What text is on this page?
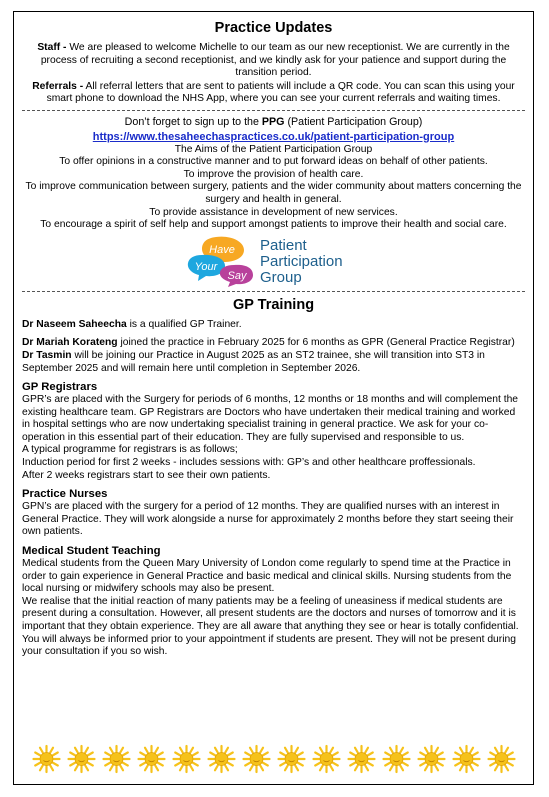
Practice Updates

Staff - We are pleased to welcome Michelle to our team as our new receptionist. We are currently in the process of recruiting a second receptionist, and we kindly ask for your patience and support during the transition period.

Referrals - All referral letters that are sent to patients will include a QR code. You can scan this using your smart phone to download the NHS App, where you can see your current referrals and waiting times.

Don’t forget to sign up to the PPG (Patient Participation Group)

https://www.thesaheechaspractices.co.uk/patient-participation-group

The Aims of the Patient Participation Group

To offer opinions in a constructive manner and to put forward ideas on behalf of other patients.

To improve the provision of health care.

To improve communication between surgery, patients and the wider community about matters concerning the surgery and health in general.

To provide assistance in development of new services.

To encourage a spirit of self help and support amongst patients to improve their health and social care.

Have
Your
Say
Patient
Participation
Group
GP Training

Dr Naseem Saheecha is a qualified GP Trainer.

Dr Mariah Korateng joined the practice in February 2025 for 6 months as GPR (General Practice Registrar)

Dr Tasmin will be joining our Practice in August 2025 as an ST2 trainee, she will transition into ST3 in September 2025 and will remain here until completion in September 2026.

GP Registrars

GPR’s are placed with the Surgery for periods of 6 months, 12 months or 18 months and will complement the existing healthcare team. GP Registrars are Doctors who have undertaken their medical training and worked in hospital settings who are now undertaking specialist training in general practice. We ask for your co-operation in this essential part of their education. They are fully supervised and responsible to us.

A typical programme for registrars is as follows;

Induction period for first 2 weeks - includes sessions with: GP’s and other healthcare proffessionals.

After 2 weeks registrars start to see their own patients.

Practice Nurses

GPN’s are placed with the surgery for a period of 12 months. They are qualified nurses with an interest in General Practice. They will work alongside a nurse for approximately 2 months before they start seeing their own patients.

Medical Student Teaching

Medical students from the Queen Mary University of London come regularly to spend time at the Practice in order to gain experience in General Practice and basic medical and clinical skills. Nursing students from the local nursing or midwifery schools may also be present.

We realise that the initial reaction of many patients may be a feeling of uneasiness if medical students are present during a consultation. However, all present students are the doctors and nurses of tomorrow and it is important that they obtain experience. They are all aware that anything they see or hear is totally confidential. You will always be informed prior to your appointment if students are present. They will not be present during your consultation if you so wish.
